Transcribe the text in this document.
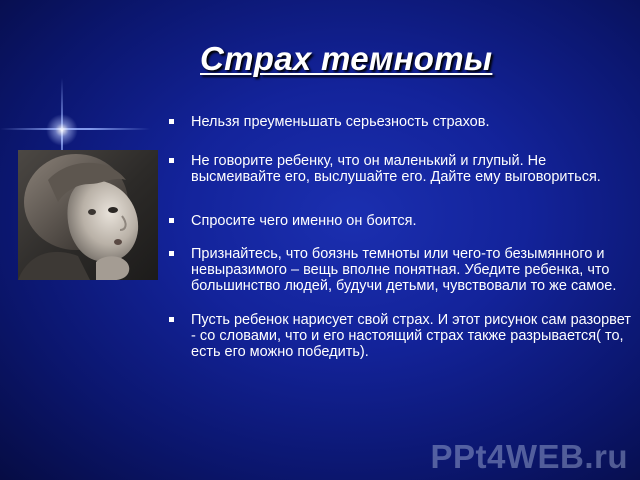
Страх темноты
Нельзя преуменьшать серьезность страхов.
Не говорите ребенку, что он маленький и глупый. Не высмеивайте его, выслушайте его. Дайте ему выговориться.
Спросите чего именно он боится.
Признайтесь, что боязнь темноты или чего-то безымянного и невыразимого – вещь вполне понятная. Убедите ребенка, что большинство людей, будучи детьми, чувствовали то же самое.
Пусть ребенок нарисует свой страх. И этот рисунок сам разорвет - со словами, что и его настоящий страх также разрывается( то, есть его можно победить).
PPt4WEB.ru
